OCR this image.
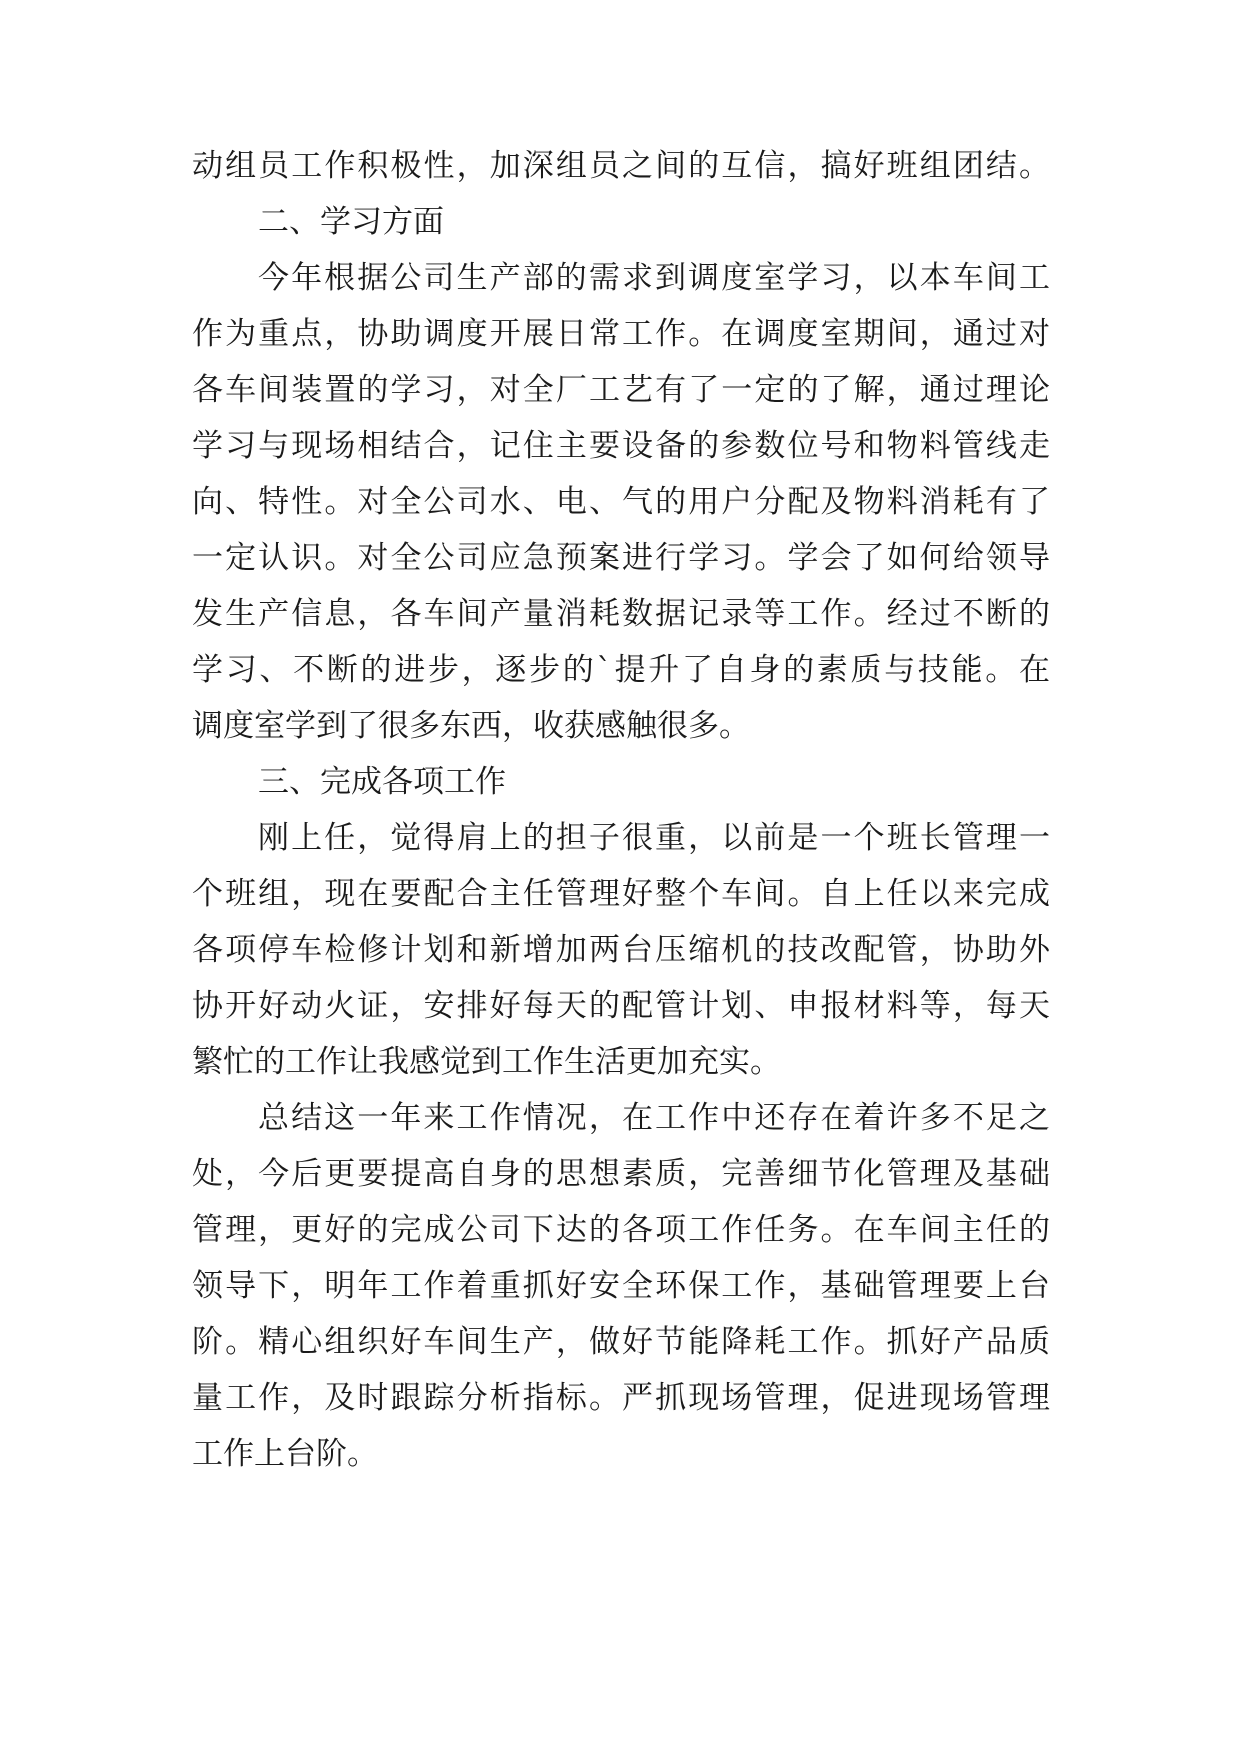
动组员工作积极性，加深组员之间的互信，搞好班组团结。
二、学习方面
今年根据公司生产部的需求到调度室学习，以本车间工
作为重点，协助调度开展日常工作。在调度室期间，通过对
各车间装置的学习，对全厂工艺有了一定的了解，通过理论
学习与现场相结合，记住主要设备的参数位号和物料管线走
向、特性。对全公司水、电、气的用户分配及物料消耗有了
一定认识。对全公司应急预案进行学习。学会了如何给领导
发生产信息，各车间产量消耗数据记录等工作。经过不断的
学习、不断的进步，逐步的`提升了自身的素质与技能。在
调度室学到了很多东西，收获感触很多。
三、完成各项工作
刚上任，觉得肩上的担子很重，以前是一个班长管理一
个班组，现在要配合主任管理好整个车间。自上任以来完成
各项停车检修计划和新增加两台压缩机的技改配管，协助外
协开好动火证，安排好每天的配管计划、申报材料等，每天
繁忙的工作让我感觉到工作生活更加充实。
总结这一年来工作情况，在工作中还存在着许多不足之
处，今后更要提高自身的思想素质，完善细节化管理及基础
管理，更好的完成公司下达的各项工作任务。在车间主任的
领导下，明年工作着重抓好安全环保工作，基础管理要上台
阶。精心组织好车间生产，做好节能降耗工作。抓好产品质
量工作，及时跟踪分析指标。严抓现场管理，促进现场管理
工作上台阶。
